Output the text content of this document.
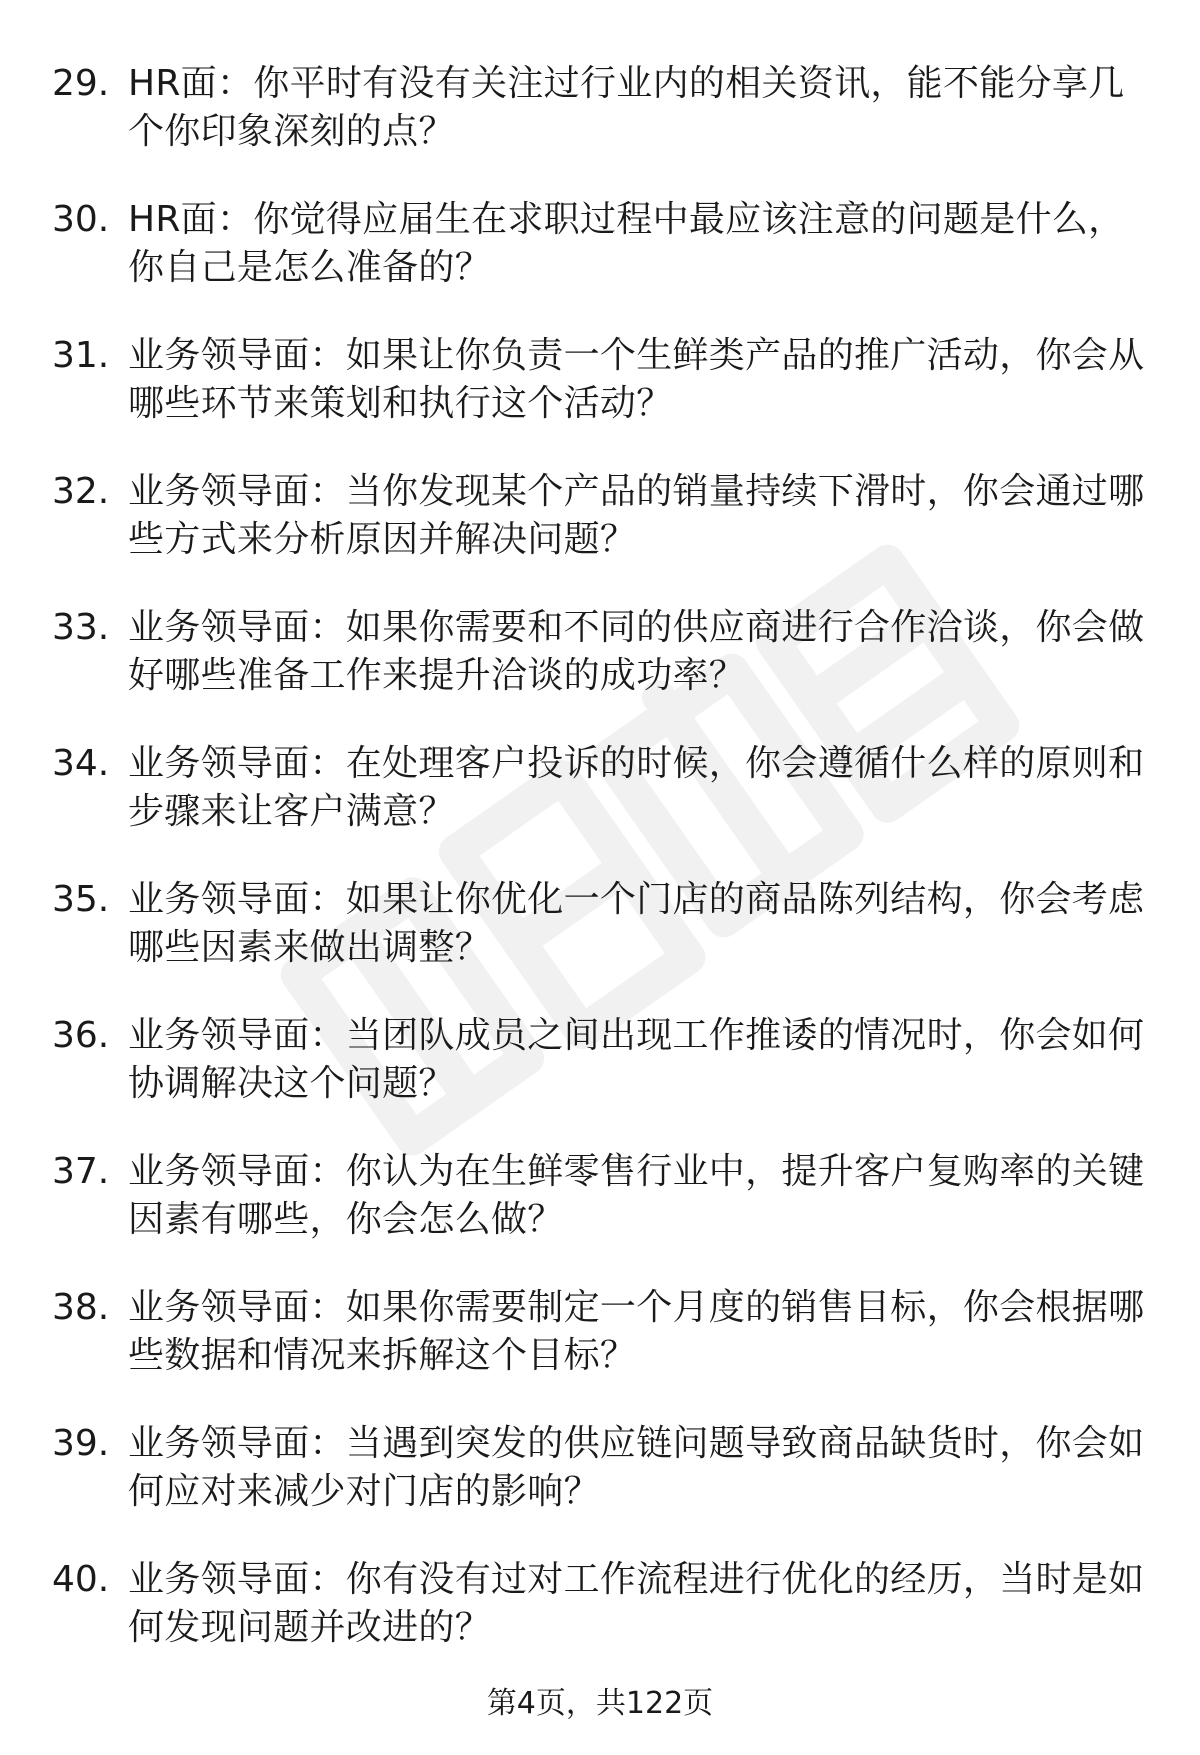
29. HR面：你平时有没有关注过行业内的相关资讯，能不能分享几个你印象深刻的点？
30. HR面：你觉得应届生在求职过程中最应该注意的问题是什么，你自己是怎么准备的？
31. 业务领导面：如果让你负责一个生鲜类产品的推广活动，你会从哪些环节来策划和执行这个活动？
32. 业务领导面：当你发现某个产品的销量持续下滑时，你会通过哪些方式来分析原因并解决问题？
33. 业务领导面：如果你需要和不同的供应商进行合作洽谈，你会做好哪些准备工作来提升洽谈的成功率？
34. 业务领导面：在处理客户投诉的时候，你会遵循什么样的原则和步骤来让客户满意？
35. 业务领导面：如果让你优化一个门店的商品陈列结构，你会考虑哪些因素来做出调整？
36. 业务领导面：当团队成员之间出现工作推诿的情况时，你会如何协调解决这个问题？
37. 业务领导面：你认为在生鲜零售行业中，提升客户复购率的关键因素有哪些，你会怎么做？
38. 业务领导面：如果你需要制定一个月度的销售目标，你会根据哪些数据和情况来拆解这个目标？
39. 业务领导面：当遇到突发的供应链问题导致商品缺货时，你会如何应对来减少对门店的影响？
40. 业务领导面：你有没有过对工作流程进行优化的经历，当时是如何发现问题并改进的？
第4页，共122页
